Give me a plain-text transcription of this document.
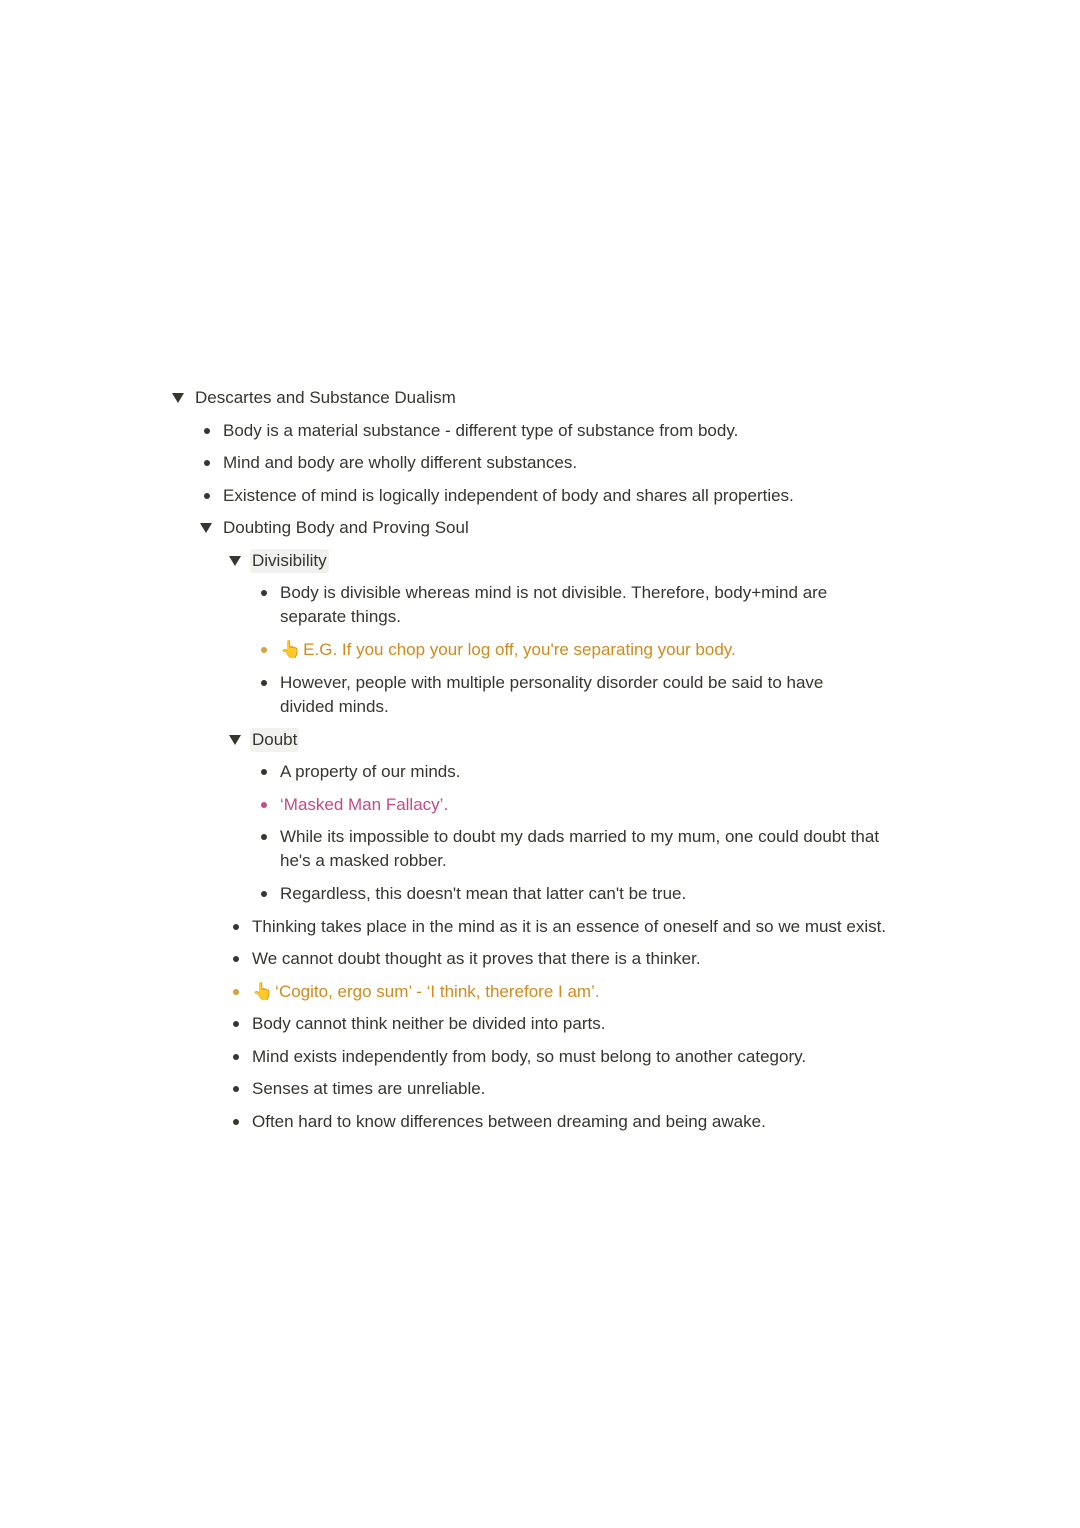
Descartes and Substance Dualism
Body is a material substance - different type of substance from body.
Mind and body are wholly different substances.
Existence of mind is logically independent of body and shares all properties.
Doubting Body and Proving Soul
Divisibility
Body is divisible whereas mind is not divisible. Therefore, body+mind are separate things.
👆 E.G. If you chop your log off, you're separating your body.
However, people with multiple personality disorder could be said to have divided minds.
Doubt
A property of our minds.
‘Masked Man Fallacy’.
While its impossible to doubt my dads married to my mum, one could doubt that he's a masked robber.
Regardless, this doesn't mean that latter can't be true.
Thinking takes place in the mind as it is an essence of oneself and so we must exist.
We cannot doubt thought as it proves that there is a thinker.
👆 ‘Cogito, ergo sum’ - ‘I think, therefore I am’.
Body cannot think neither be divided into parts.
Mind exists independently from body, so must belong to another category.
Senses at times are unreliable.
Often hard to know differences between dreaming and being awake.
